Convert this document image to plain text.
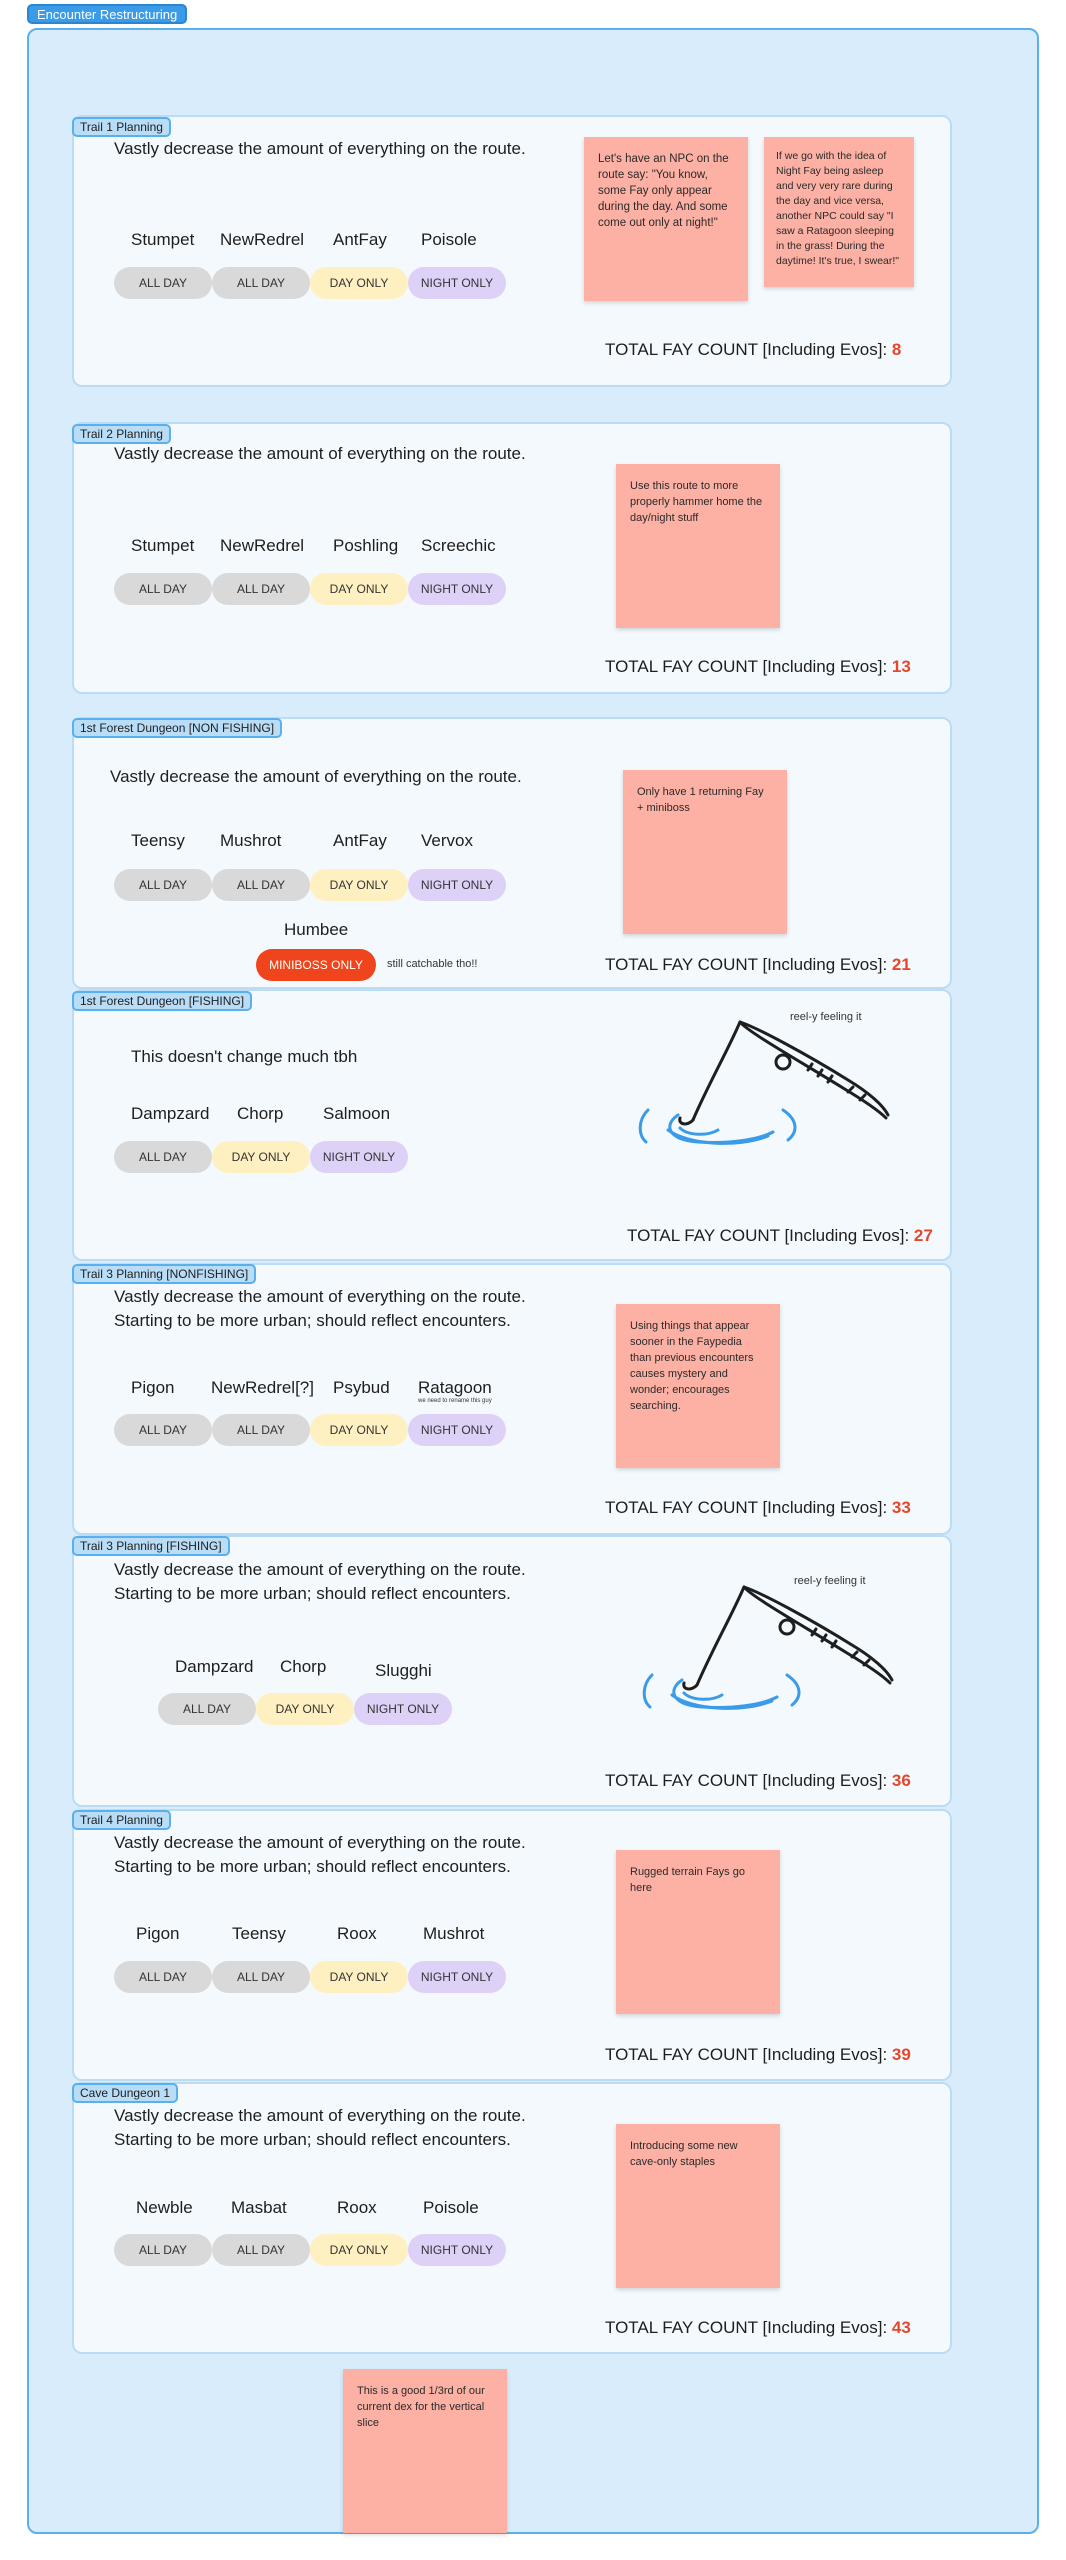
Encounter Restructuring
Trail 1 Planning
Vastly decrease the amount of everything on the route.
Stumpet NewRedrel AntFay Poisole
ALL DAY	ALL DAY	DAY ONLY	NIGHT ONLY
Let's have an NPC on the route say: "You know, some Fay only appear during the day. And some come out only at night!"
If we go with the idea of Night Fay being asleep and very very rare during the day and vice versa, another NPC could say "I saw a Ratagoon sleeping in the grass! During the daytime! It's true, I swear!"
TOTAL FAY COUNT [Including Evos]: 8
Trail 2 Planning
Vastly decrease the amount of everything on the route.
Stumpet NewRedrel Poshling Screechic
ALL DAY	ALL DAY	DAY ONLY	NIGHT ONLY
Use this route to more properly hammer home the day/night stuff
TOTAL FAY COUNT [Including Evos]: 13
1st Forest Dungeon [NON FISHING]
Vastly decrease the amount of everything on the route.
Teensy Mushrot	AntFay Vervox
ALL DAY	ALL DAY	DAY ONLY	NIGHT ONLY
Humbee
MINIBOSS ONLY	still catchable tho!!
Only have 1 returning Fay + miniboss
TOTAL FAY COUNT [Including Evos]: 21
1st Forest Dungeon [FISHING]
This doesn't change much tbh
Dampzard Chorp Salmoon
ALL DAY	DAY ONLY	NIGHT ONLY
reel-y feeling it
TOTAL FAY COUNT [Including Evos]: 27
Trail 3 Planning [NONFISHING]
Vastly decrease the amount of everything on the route.
Starting to be more urban; should reflect encounters.
Pigon NewRedrel[?] Psybud Ratagoon
we need to rename this guy
ALL DAY	ALL DAY	DAY ONLY	NIGHT ONLY
Using things that appear sooner in the Faypedia than previous encounters causes mystery and wonder; encourages searching.
TOTAL FAY COUNT [Including Evos]: 33
Trail 3 Planning [FISHING]
Vastly decrease the amount of everything on the route.
Starting to be more urban; should reflect encounters.
Dampzard Chorp	Slugghi
ALL DAY	DAY ONLY	NIGHT ONLY
reel-y feeling it
TOTAL FAY COUNT [Including Evos]: 36
Trail 4 Planning
Vastly decrease the amount of everything on the route.
Starting to be more urban; should reflect encounters.
Pigon	Teensy	Roox	Mushrot
ALL DAY	ALL DAY	DAY ONLY	NIGHT ONLY
Rugged terrain Fays go here
TOTAL FAY COUNT [Including Evos]: 39
Cave Dungeon 1
Vastly decrease the amount of everything on the route.
Starting to be more urban; should reflect encounters.
Newble Masbat	Roox	Poisole
ALL DAY	ALL DAY	DAY ONLY	NIGHT ONLY
Introducing some new cave-only staples
TOTAL FAY COUNT [Including Evos]: 43
This is a good 1/3rd of our current dex for the vertical slice
